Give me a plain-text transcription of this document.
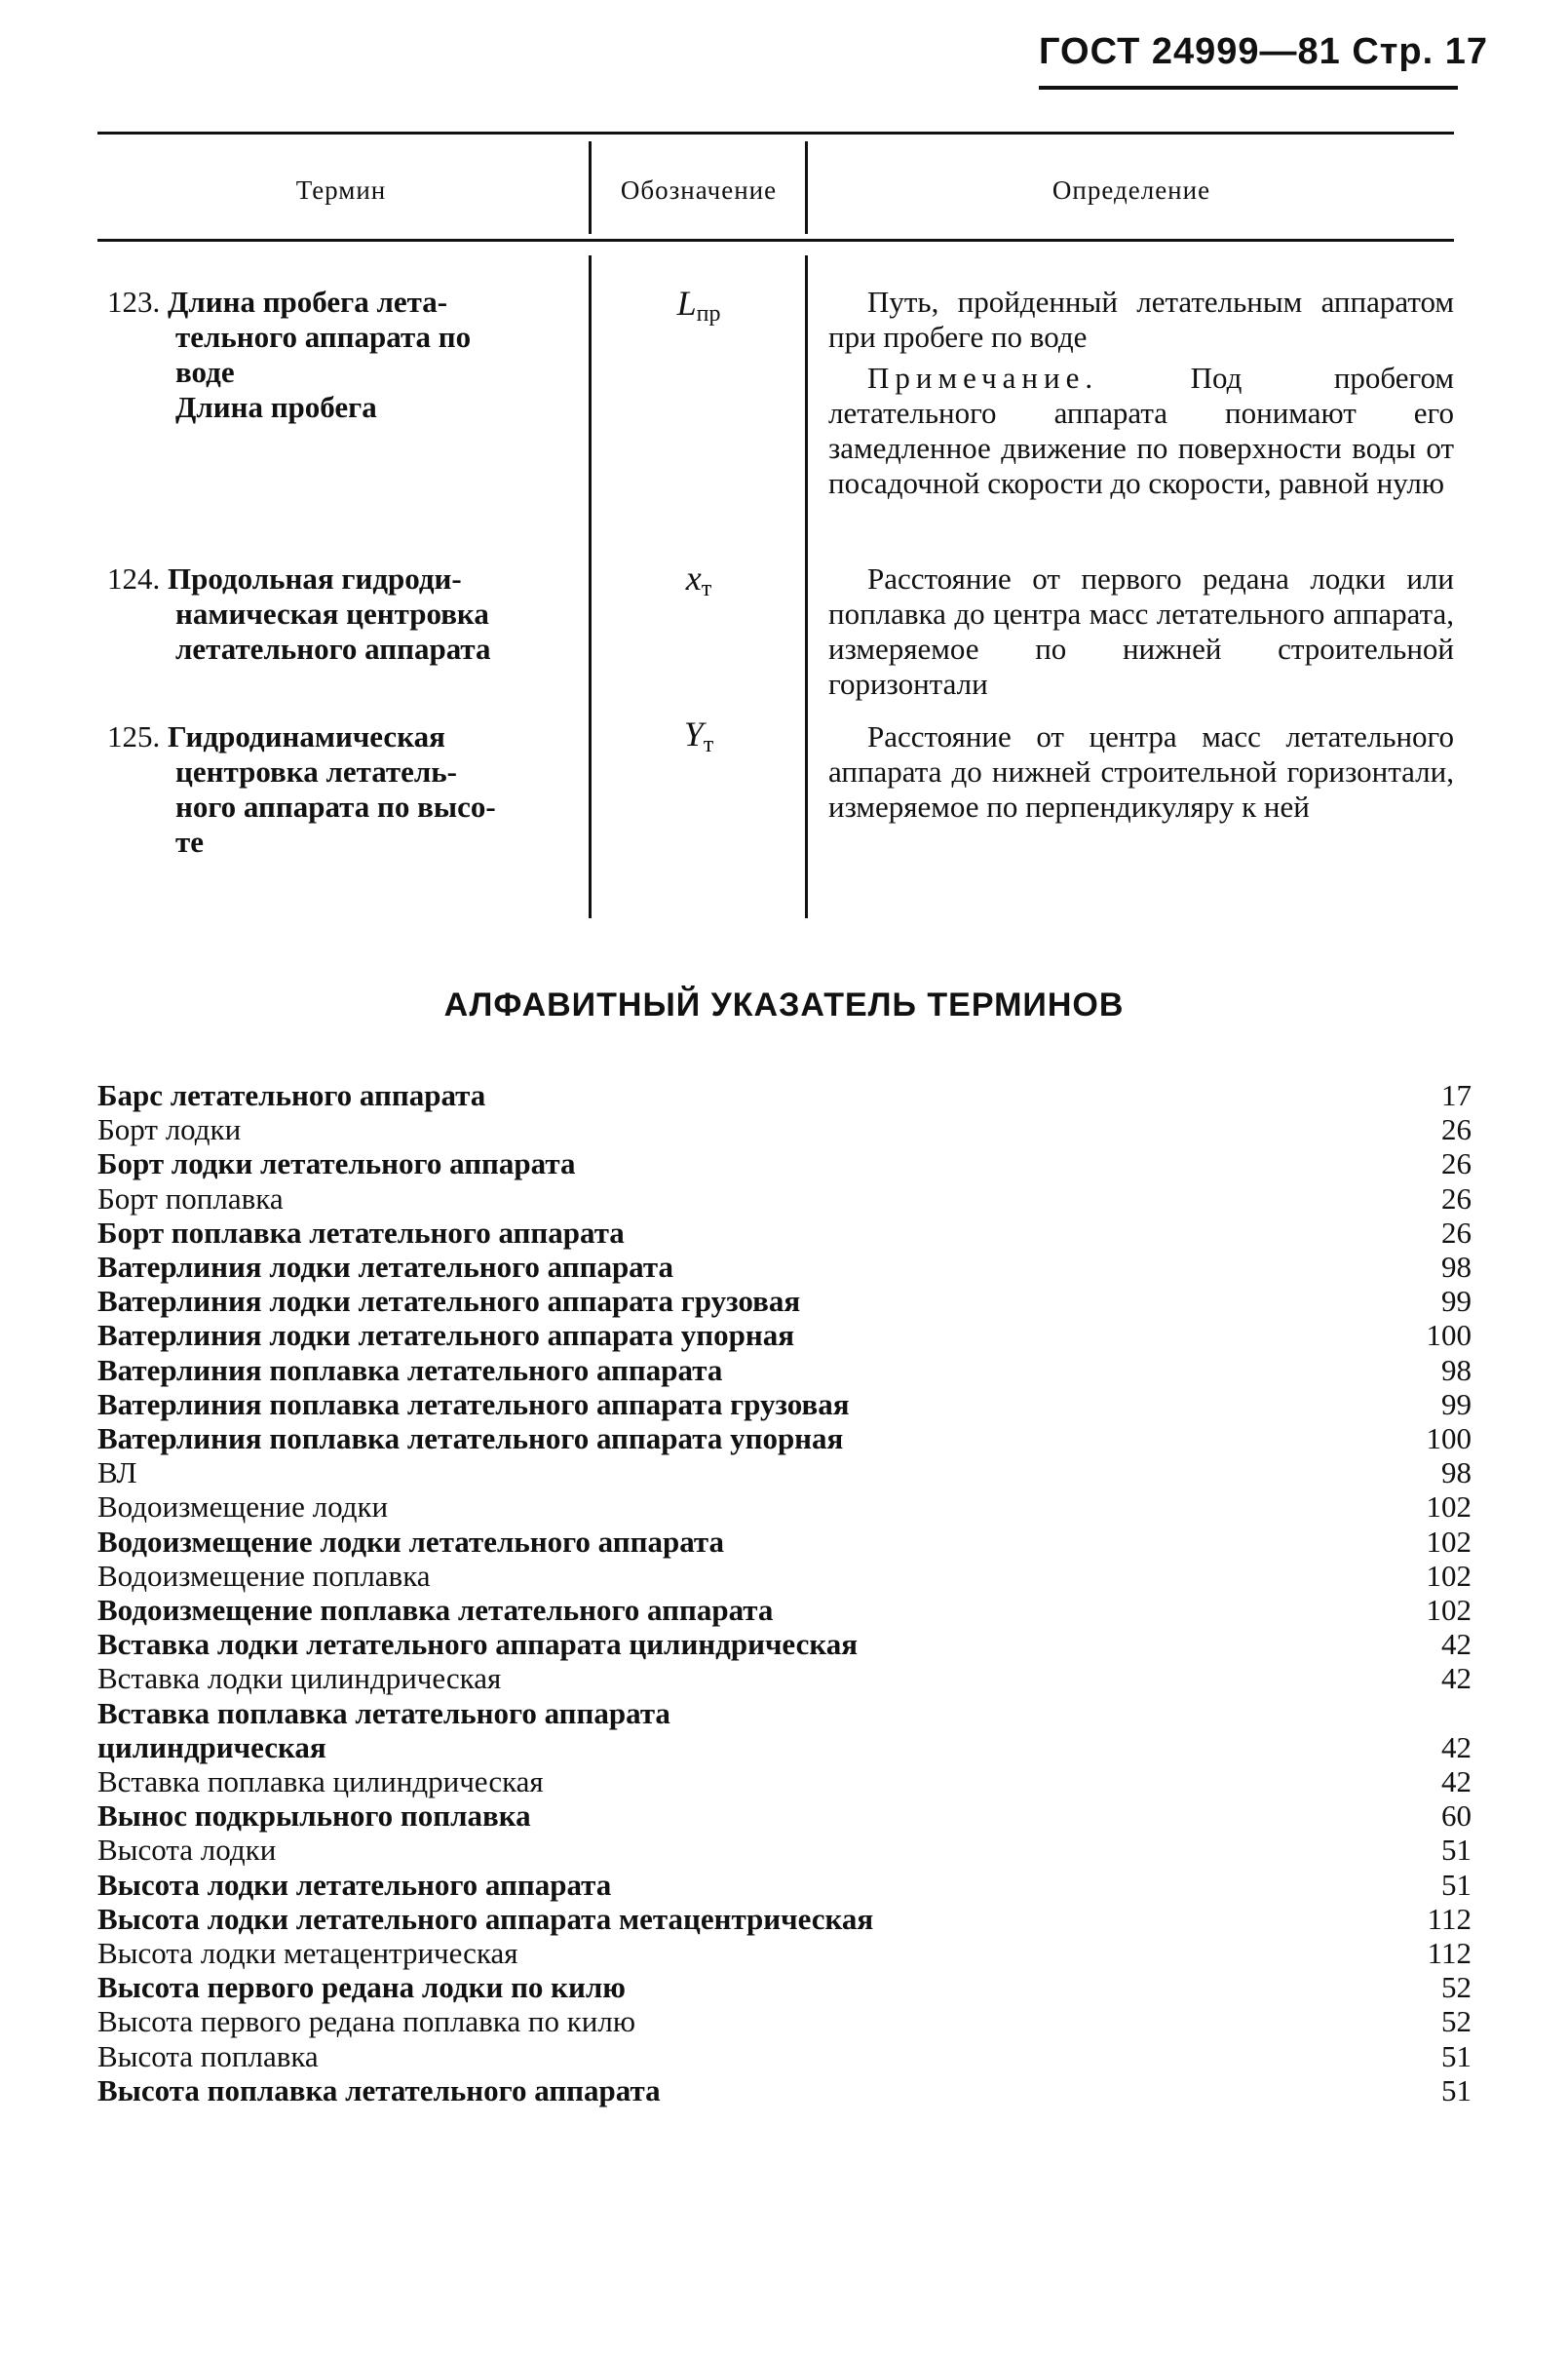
ГОСТ 24999—81 Стр. 17
Термин	Обозначение	Определение
123. Длина пробега лета-
тельного аппарата по
воде
Длина пробега
$L_{пр}$	Путь, пройденный летательным аппаратом при пробеге по воде
Примечание. Под пробегом летательного аппарата понимают его замедленное движение по поверхности воды от посадочной скорости до скорости, равной нулю
124. Продольная гидроди-
намическая центровка
летательного аппарата
$x_т$	Расстояние от первого редана лодки или поплавка до центра масс летательного аппарата, измеряемое по нижней строительной горизонтали
125. Гидродинамическая
центровка летатель-
ного аппарата по высо-
те
$Y_т$	Расстояние от центра масс летательного аппарата до нижней строительной горизонтали, измеряемое по перпендикуляру к ней
АЛФАВИТНЫЙ УКАЗАТЕЛЬ ТЕРМИНОВ
Барс летательного аппарата	17
Борт лодки	26
Борт лодки летательного аппарата	26
Борт поплавка	26
Борт поплавка летательного аппарата	26
Ватерлиния лодки летательного аппарата	98
Ватерлиния лодки летательного аппарата грузовая	99
Ватерлиния лодки летательного аппарата упорная	100
Ватерлиния поплавка летательного аппарата	98
Ватерлиния поплавка летательного аппарата грузовая	99
Ватерлиния поплавка летательного аппарата упорная	100
ВЛ	98
Водоизмещение лодки	102
Водоизмещение лодки летательного аппарата	102
Водоизмещение поплавка	102
Водоизмещение поплавка летательного аппарата	102
Вставка лодки летательного аппарата цилиндрическая	42
Вставка лодки цилиндрическая	42
Вставка поплавка летательного аппарата
цилиндрическая	42
Вставка поплавка цилиндрическая	42
Вынос подкрыльного поплавка	60
Высота лодки	51
Высота лодки летательного аппарата	51
Высота лодки летательного аппарата метацентрическая	112
Высота лодки метацентрическая	112
Высота первого редана лодки по килю	52
Высота первого редана поплавка по килю	52
Высота поплавка	51
Высота поплавка летательного аппарата	51
